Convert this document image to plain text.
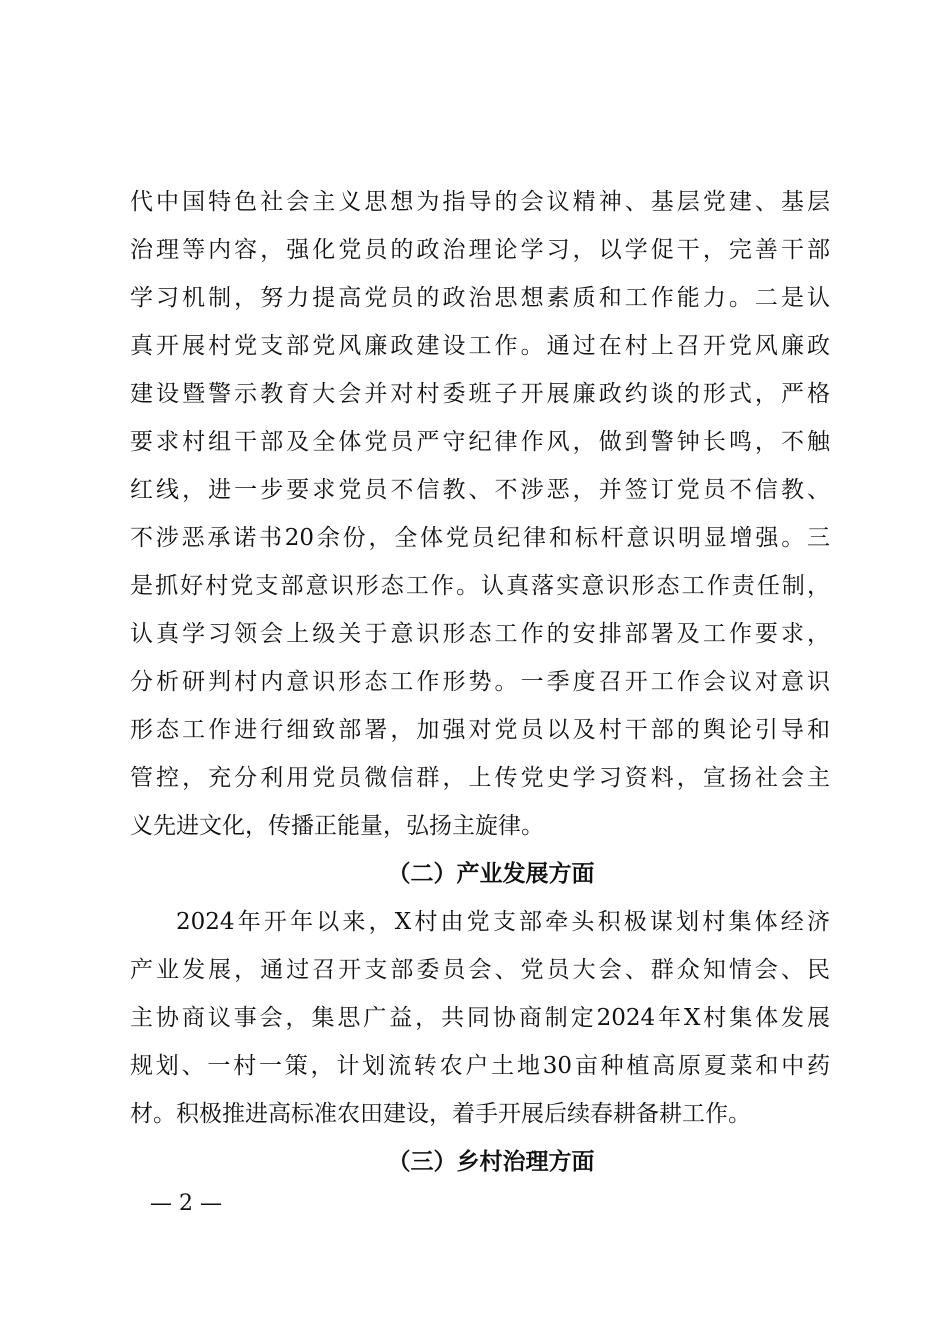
代中国特色社会主义思想为指导的会议精神、基层党建、基层
治理等内容，强化党员的政治理论学习，以学促干，完善干部
学习机制，努力提高党员的政治思想素质和工作能力。二是认
真开展村党支部党风廉政建设工作。通过在村上召开党风廉政
建设暨警示教育大会并对村委班子开展廉政约谈的形式，严格
要求村组干部及全体党员严守纪律作风，做到警钟长鸣，不触
红线，进一步要求党员不信教、不涉恶，并签订党员不信教、
不涉恶承诺书20余份，全体党员纪律和标杆意识明显增强。三
是抓好村党支部意识形态工作。认真落实意识形态工作责任制，
认真学习领会上级关于意识形态工作的安排部署及工作要求，
分析研判村内意识形态工作形势。一季度召开工作会议对意识
形态工作进行细致部署，加强对党员以及村干部的舆论引导和
管控，充分利用党员微信群，上传党史学习资料，宣扬社会主
义先进文化，传播正能量，弘扬主旋律。
（二）产业发展方面
2024年开年以来，X村由党支部牵头积极谋划村集体经济
产业发展，通过召开支部委员会、党员大会、群众知情会、民
主协商议事会，集思广益，共同协商制定2024年X村集体发展
规划、一村一策，计划流转农户土地30亩种植高原夏菜和中药
材。积极推进高标准农田建设，着手开展后续春耕备耕工作。
（三）乡村治理方面
— 2 —
